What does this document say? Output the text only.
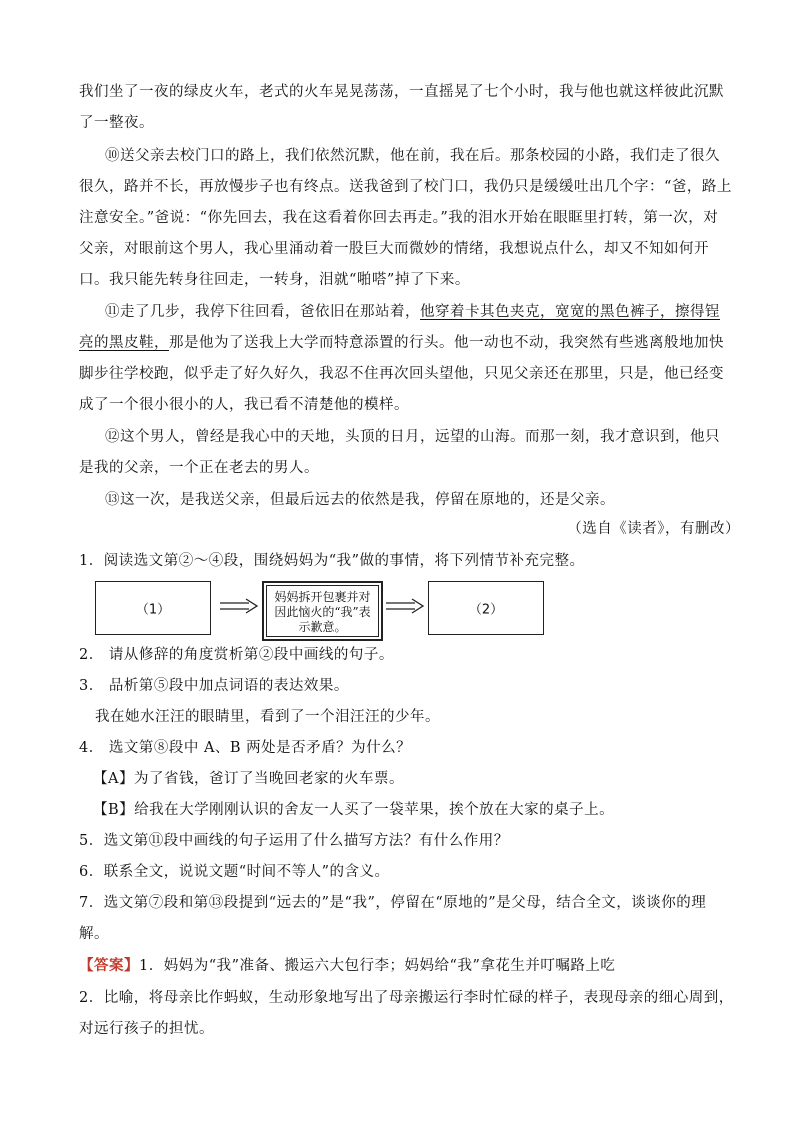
我们坐了一夜的绿皮火车，老式的火车晃晃荡荡，一直摇晃了七个小时，我与他也就这样彼此沉默
了一整夜。
⑩送父亲去校门口的路上，我们依然沉默，他在前，我在后。那条校园的小路，我们走了很久
很久，路并不长，再放慢步子也有终点。送我爸到了校门口，我仍只是缓缓吐出几个字：“爸，路上
注意安全。”爸说：“你先回去，我在这看着你回去再走。”我的泪水开始在眼眶里打转，第一次，对
父亲，对眼前这个男人，我心里涌动着一股巨大而微妙的情绪，我想说点什么，却又不知如何开
口。我只能先转身往回走，一转身，泪就“啪嗒”掉了下来。
⑪走了几步，我停下往回看，爸依旧在那站着，他穿着卡其色夹克，宽宽的黑色裤子，擦得锃
亮的黑皮鞋，那是他为了送我上大学而特意添置的行头。他一动也不动，我突然有些逃离般地加快
脚步往学校跑，似乎走了好久好久，我忍不住再次回头望他，只见父亲还在那里，只是，他已经变
成了一个很小很小的人，我已看不清楚他的模样。
⑫这个男人，曾经是我心中的天地，头顶的日月，远望的山海。而那一刻，我才意识到，他只
是我的父亲，一个正在老去的男人。
⑬这一次，是我送父亲，但最后远去的依然是我，停留在原地的，还是父亲。
（选自《读者》，有删改）
1．阅读选文第②～④段，围绕妈妈为“我”做的事情，将下列情节补充完整。
（1）
妈妈拆开包裹并对因此恼火的“我”表示歉意。
（2）
2． 请从修辞的角度赏析第②段中画线的句子。
3． 品析第⑤段中加点词语的表达效果。
我在她水汪汪的眼睛里，看到了一个泪汪汪的少年。
4． 选文第⑧段中 A、B 两处是否矛盾？为什么？
【A】为了省钱，爸订了当晚回老家的火车票。
【B】给我在大学刚刚认识的舍友一人买了一袋苹果，挨个放在大家的桌子上。
5．选文第⑪段中画线的句子运用了什么描写方法？有什么作用？
6．联系全文，说说文题“时间不等人”的含义。
7．选文第⑦段和第⑬段提到“远去的”是“我”，停留在“原地的”是父母，结合全文，谈谈你的理
解。
【答案】1．妈妈为“我”准备、搬运六大包行李；妈妈给“我”拿花生并叮嘱路上吃
2．比喻，将母亲比作蚂蚁，生动形象地写出了母亲搬运行李时忙碌的样子，表现母亲的细心周到，
对远行孩子的担忧。
